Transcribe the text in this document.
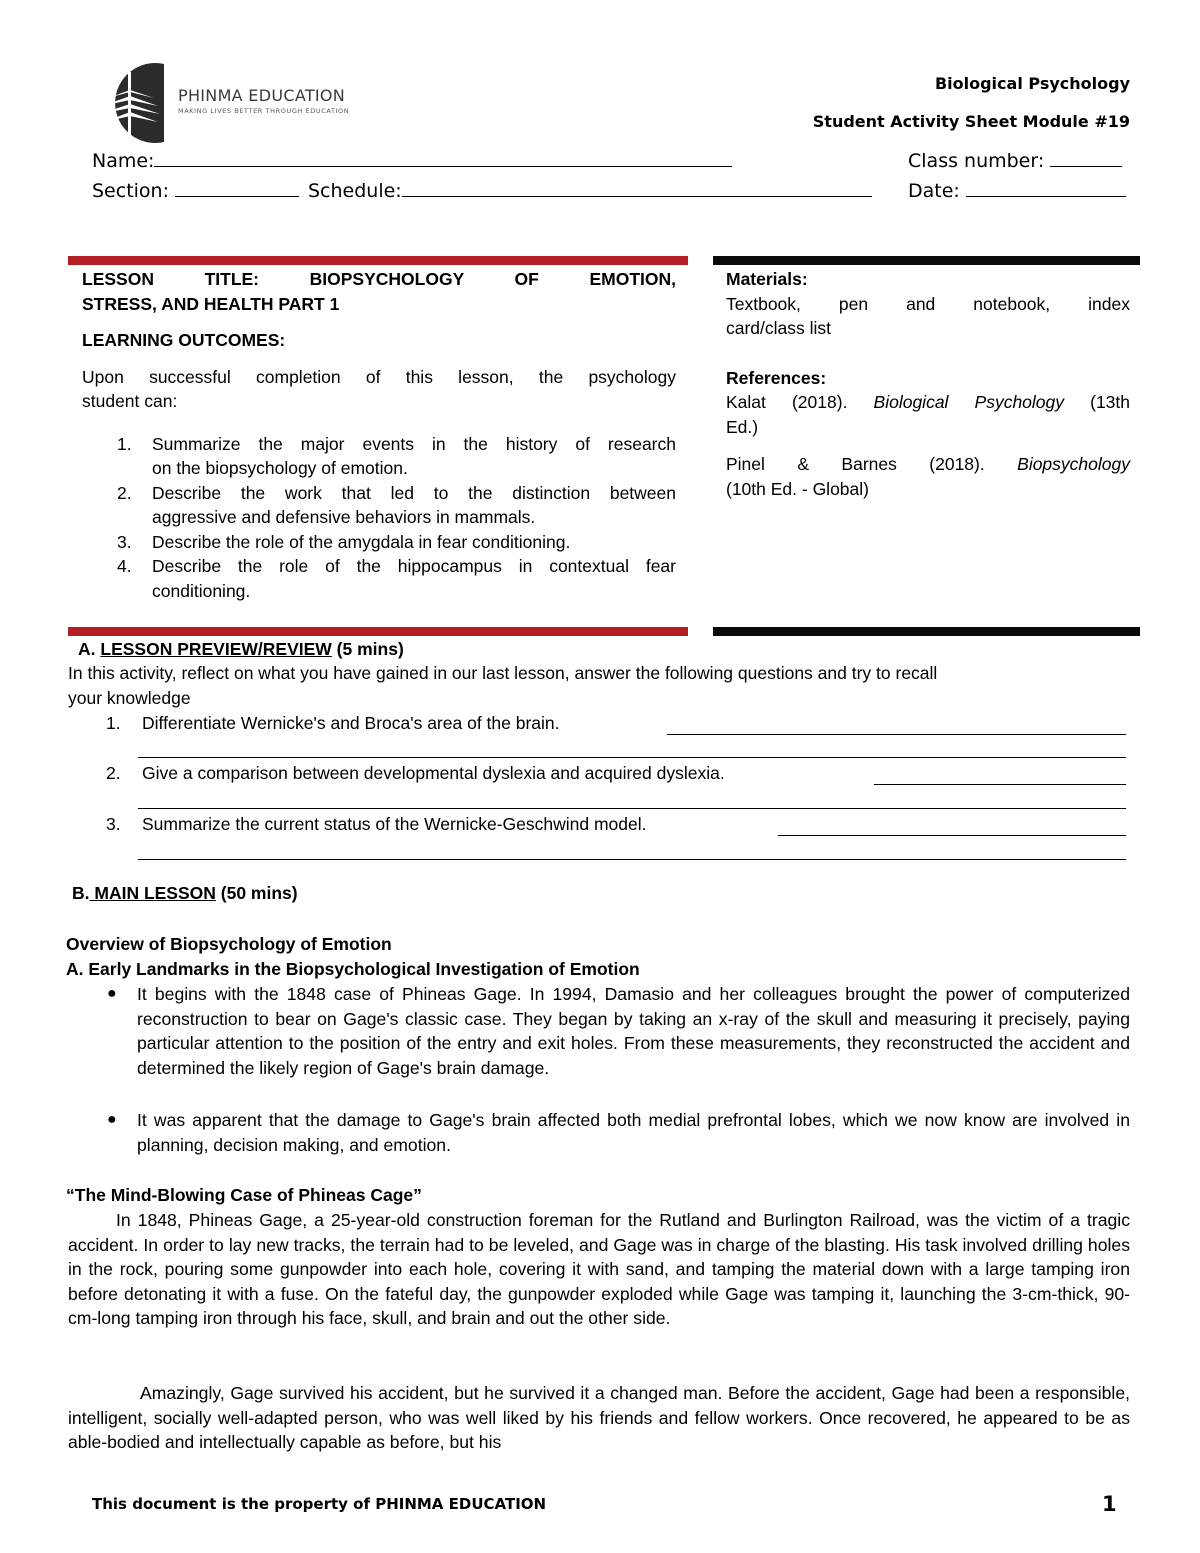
PHINMA EDUCATION
MAKING LIVES BETTER THROUGH EDUCATION
Biological Psychology
Student Activity Sheet Module #19
Name:	Class number:
Section:	Schedule:	Date:
LESSON TITLE: BIOPSYCHOLOGY OF EMOTION,
STRESS, AND HEALTH PART 1
LEARNING OUTCOMES:
Upon successful completion of this lesson, the psychology
student can:
1. Summarize the major events in the history of research
on the biopsychology of emotion.
2. Describe the work that led to the distinction between
aggressive and defensive behaviors in mammals.
3. Describe the role of the amygdala in fear conditioning.
4. Describe the role of the hippocampus in contextual fear
conditioning.
Materials:
Textbook, pen and notebook, index
card/class list
References:
Kalat (2018). Biological Psychology (13th
Ed.)
Pinel & Barnes (2018). Biopsychology
(10th Ed. - Global)
A. LESSON PREVIEW/REVIEW (5 mins)
In this activity, reflect on what you have gained in our last lesson, answer the following questions and try to recall
your knowledge
1. Differentiate Wernicke's and Broca's area of the brain.
2. Give a comparison between developmental dyslexia and acquired dyslexia.
3. Summarize the current status of the Wernicke-Geschwind model.
B. MAIN LESSON (50 mins)
Overview of Biopsychology of Emotion
A. Early Landmarks in the Biopsychological Investigation of Emotion
● It begins with the 1848 case of Phineas Gage. In 1994, Damasio and her colleagues brought the power of computerized reconstruction to bear on Gage's classic case. They began by taking an x-ray of the skull and measuring it precisely, paying particular attention to the position of the entry and exit holes. From these measurements, they reconstructed the accident and determined the likely region of Gage's brain damage.
● It was apparent that the damage to Gage's brain affected both medial prefrontal lobes, which we now know are involved in planning, decision making, and emotion.
“The Mind-Blowing Case of Phineas Cage”
In 1848, Phineas Gage, a 25-year-old construction foreman for the Rutland and Burlington Railroad, was the victim of a tragic accident. In order to lay new tracks, the terrain had to be leveled, and Gage was in charge of the blasting. His task involved drilling holes in the rock, pouring some gunpowder into each hole, covering it with sand, and tamping the material down with a large tamping iron before detonating it with a fuse. On the fateful day, the gunpowder exploded while Gage was tamping it, launching the 3-cm-thick, 90-cm-long tamping iron through his face, skull, and brain and out the other side.
Amazingly, Gage survived his accident, but he survived it a changed man. Before the accident, Gage had been a responsible, intelligent, socially well-adapted person, who was well liked by his friends and fellow workers. Once recovered, he appeared to be as able-bodied and intellectually capable as before, but his
This document is the property of PHINMA EDUCATION	1
